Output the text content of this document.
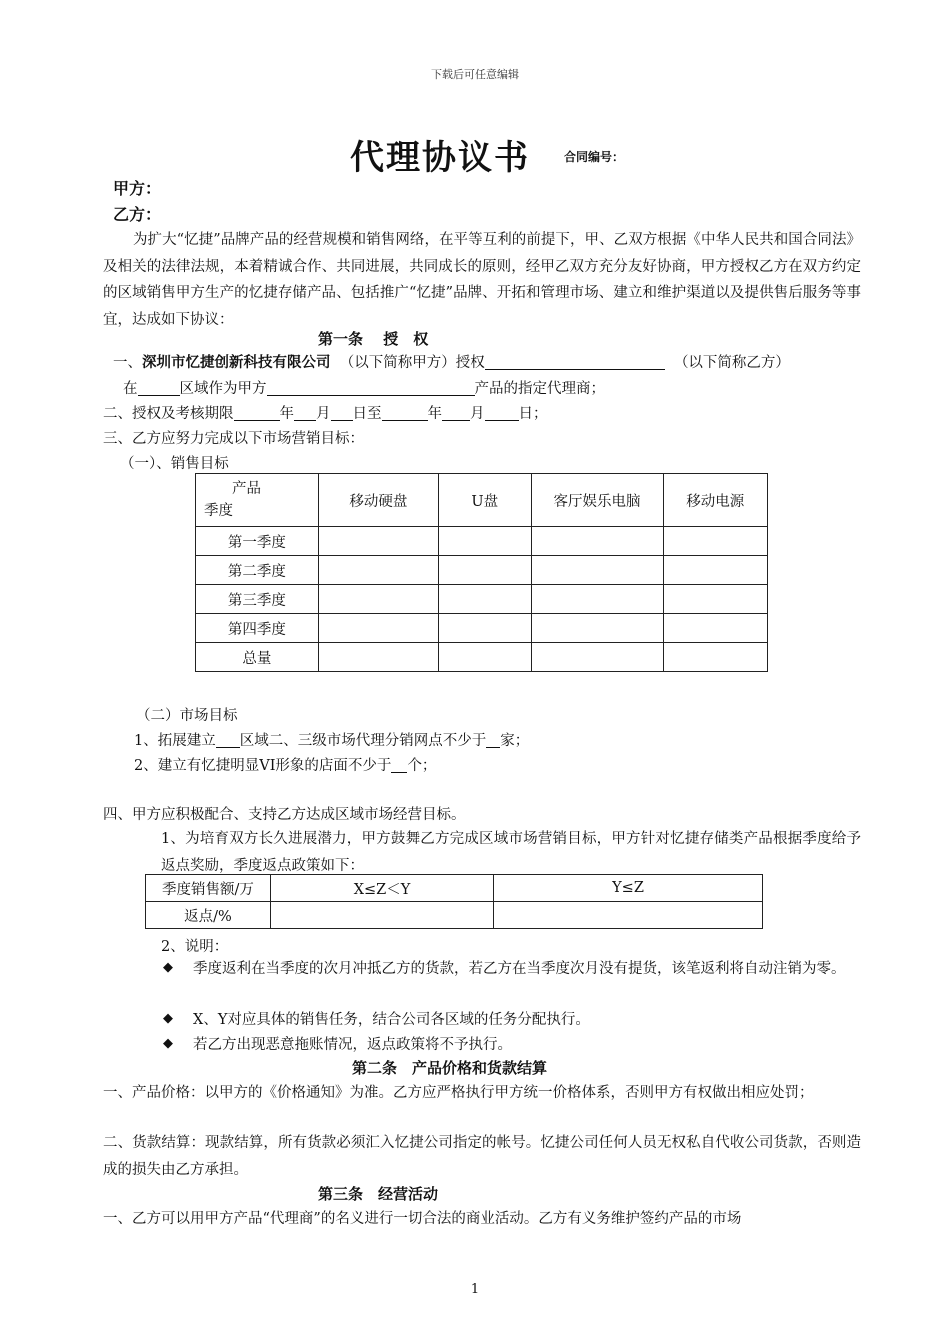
下载后可任意编辑
代理协议书	合同编号：
甲方：
乙方：
为扩大“忆捷”品牌产品的经营规模和销售网络，在平等互利的前提下，甲、乙双方根据《中华人民共和国合同法》及相关的法律法规，本着精诚合作、共同进展，共同成长的原则，经甲乙双方充分友好协商，甲方授权乙方在双方约定的区域销售甲方生产的忆捷存储产品、包括推广“忆捷”品牌、开拓和管理市场、建立和维护渠道以及提供售后服务等事宜，达成如下协议：
第一条　 授　权
一、深圳市忆捷创新科技有限公司 （以下简称甲方）授权	（以下简称乙方）
在	区域作为甲方	产品的指定代理商；
二、授权及考核期限	年 月 日至	年 月 日；
三、乙方应努力完成以下市场营销目标：
（一）、销售目标
产品
季度	移动硬盘	U盘	客厅娱乐电脑	移动电源
第一季度				
第二季度				
第三季度				
第四季度				
总量				
（二）市场目标
1、拓展建立 区域二、三级市场代理分销网点不少于 家；
2、建立有忆捷明显VI形象的店面不少于 个；
四、甲方应积极配合、支持乙方达成区域市场经营目标。
1、为培育双方长久进展潜力，甲方鼓舞乙方完成区域市场营销目标，甲方针对忆捷存储类产品根据季度给予返点奖励，季度返点政策如下：
季度销售额/万	X≤Z＜Y	Y≤Z
返点/%		
2、说明：
◆ 季度返利在当季度的次月冲抵乙方的货款，若乙方在当季度次月没有提货，该笔返利将自动注销为零。
◆ X、Y对应具体的销售任务，结合公司各区域的任务分配执行。
◆ 若乙方出现恶意拖账情况，返点政策将不予执行。
第二条　产品价格和货款结算
一、产品价格：以甲方的《价格通知》为准。乙方应严格执行甲方统一价格体系，否则甲方有权做出相应处罚；
二、货款结算：现款结算，所有货款必须汇入忆捷公司指定的帐号。忆捷公司任何人员无权私自代收公司货款，否则造成的损失由乙方承担。
第三条　经营活动
一、乙方可以用甲方产品“代理商”的名义进行一切合法的商业活动。乙方有义务维护签约产品的市场
1
